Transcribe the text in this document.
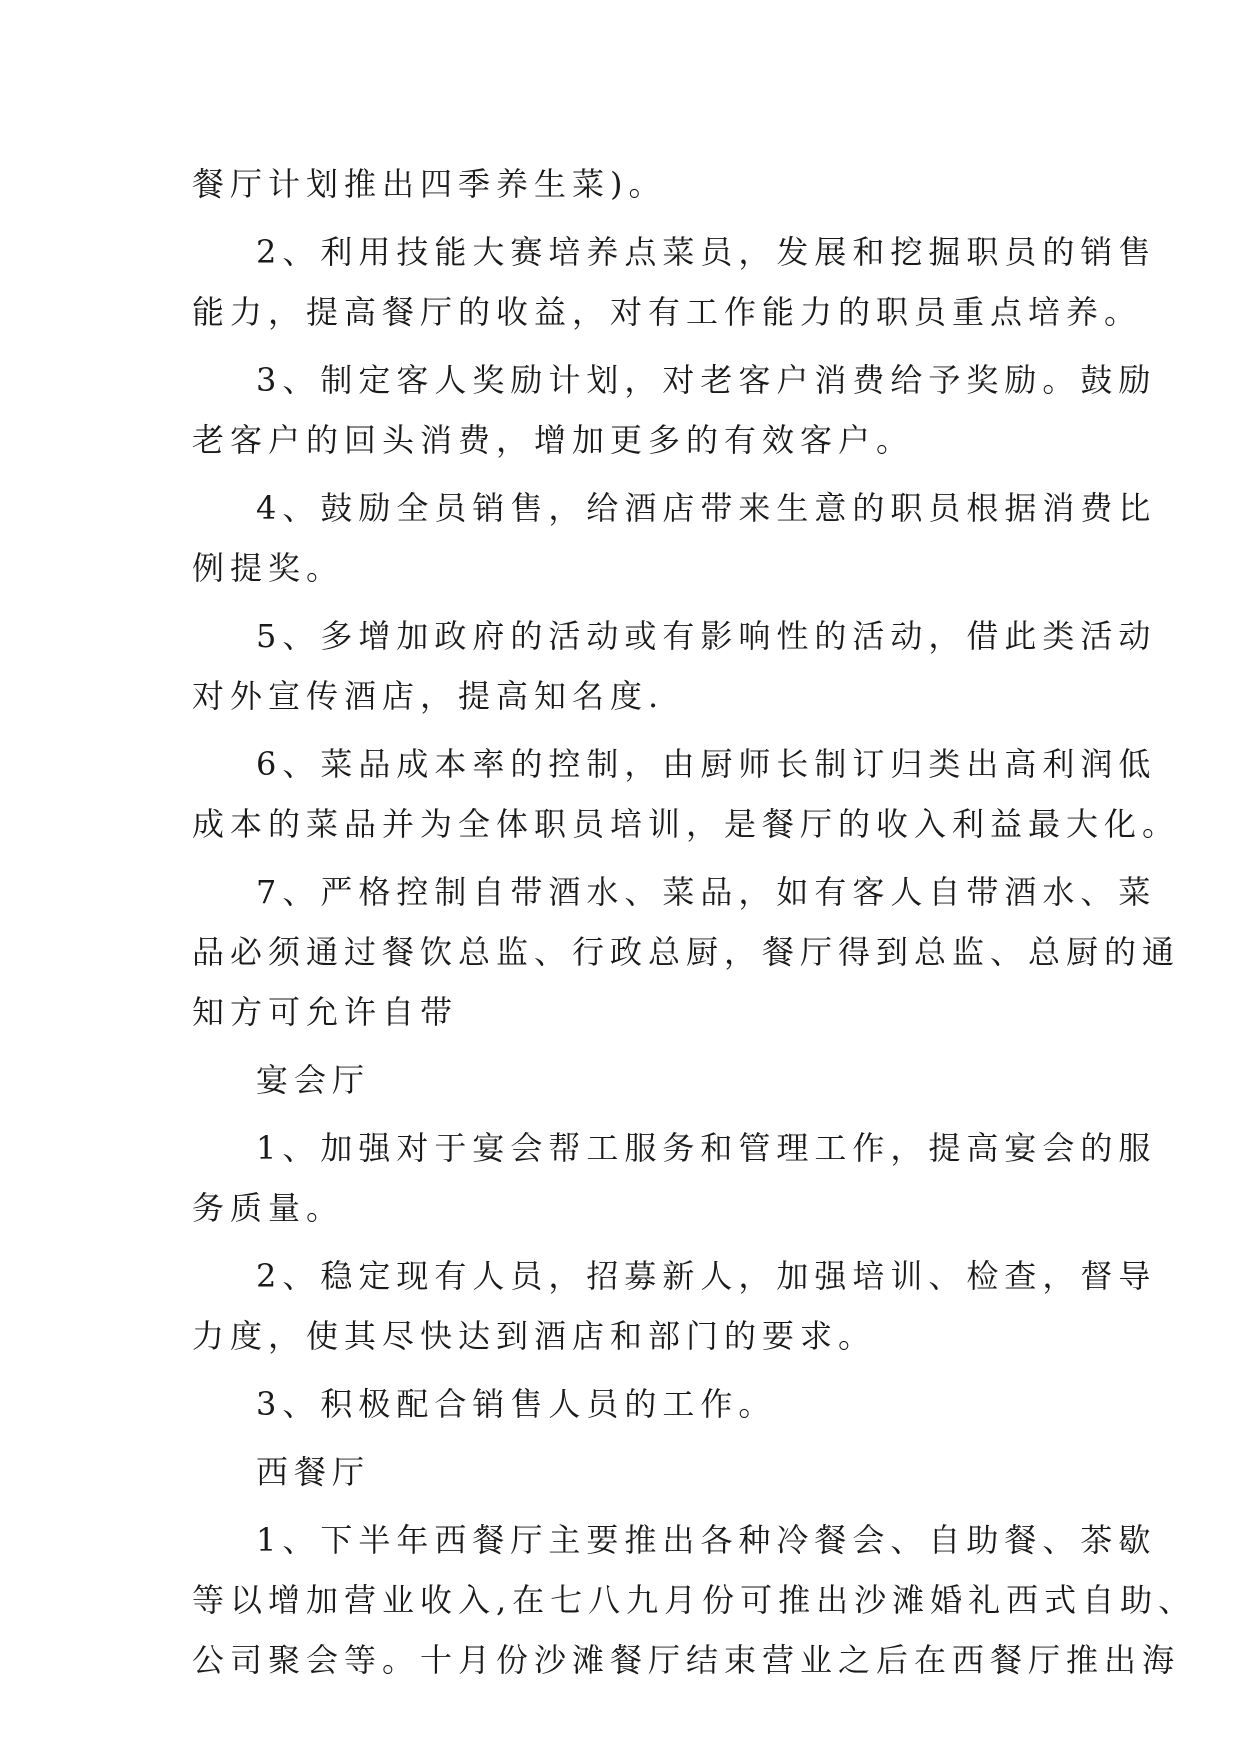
餐厅计划推出四季养生菜)。
2、利用技能大赛培养点菜员，发展和挖掘职员的销售
能力，提高餐厅的收益，对有工作能力的职员重点培养。
3、制定客人奖励计划，对老客户消费给予奖励。鼓励
老客户的回头消费，增加更多的有效客户。
4、鼓励全员销售，给酒店带来生意的职员根据消费比
例提奖。
5、多增加政府的活动或有影响性的活动，借此类活动
对外宣传酒店，提高知名度.
6、菜品成本率的控制，由厨师长制订归类出高利润低
成本的菜品并为全体职员培训，是餐厅的收入利益最大化。
7、严格控制自带酒水、菜品，如有客人自带酒水、菜
品必须通过餐饮总监、行政总厨，餐厅得到总监、总厨的通
知方可允许自带
宴会厅
1、加强对于宴会帮工服务和管理工作，提高宴会的服
务质量。
2、稳定现有人员，招募新人，加强培训、检查，督导
力度，使其尽快达到酒店和部门的要求。
3、积极配合销售人员的工作。
西餐厅
1、下半年西餐厅主要推出各种冷餐会、自助餐、茶歇
等以增加营业收入,在七八九月份可推出沙滩婚礼西式自助、
公司聚会等。十月份沙滩餐厅结束营业之后在西餐厅推出海
